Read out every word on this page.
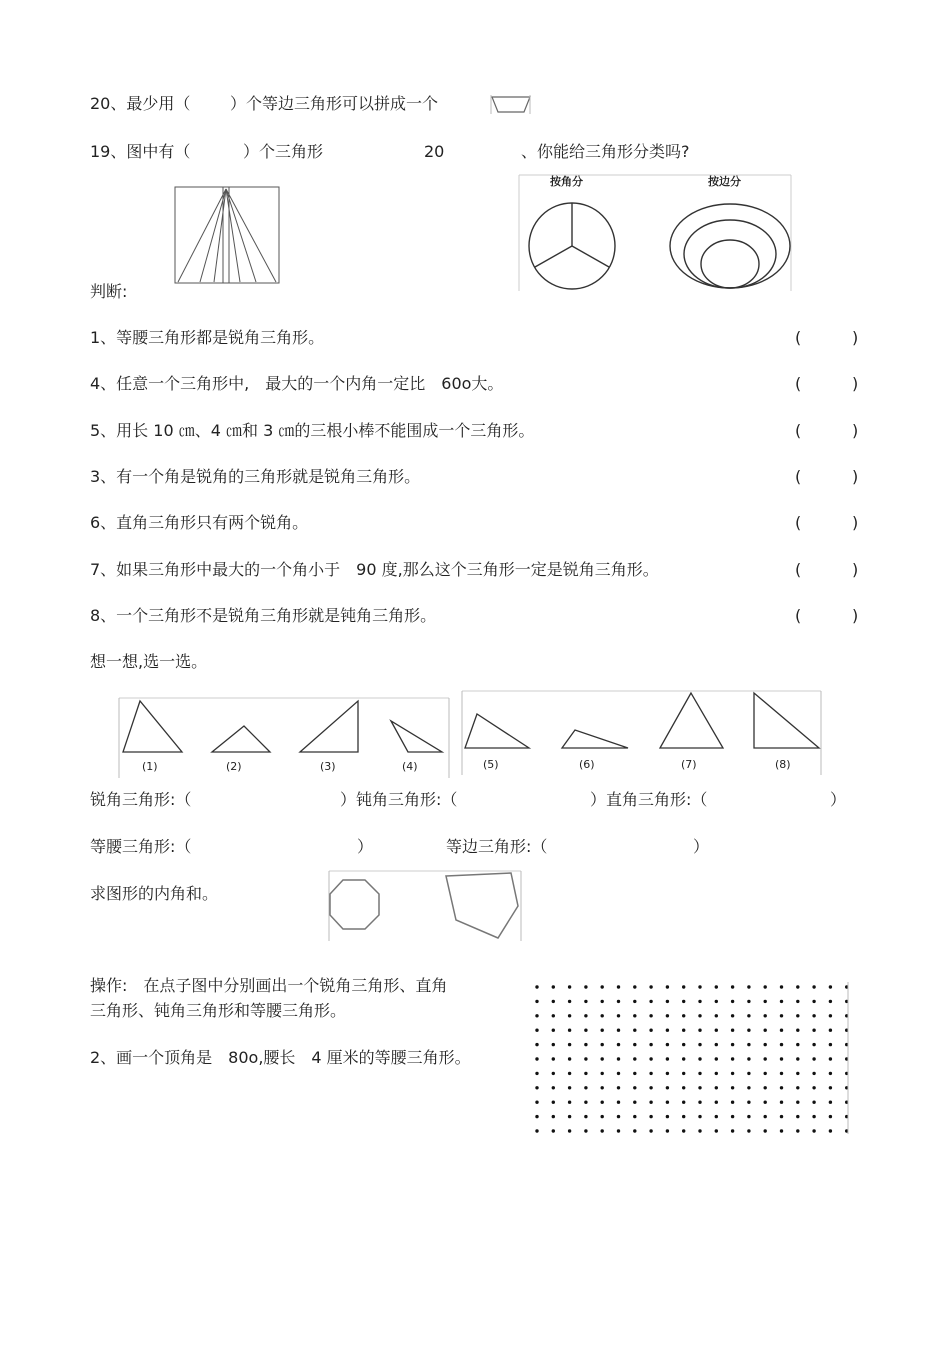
20、最少用（ ）个等边三角形可以拼成一个
19、图中有（	）个三角形	20	、你能给三角形分类吗?
按角分	按边分
判断:
1、等腰三角形都是锐角三角形。	(	)
4、任意一个三角形中,　最大的一个内角一定比　60o大。	(	)
5、用长 10 ㎝、4 ㎝和 3 ㎝的三根小棒不能围成一个三角形。	(	)
3、有一个角是锐角的三角形就是锐角三角形。	(	)
6、直角三角形只有两个锐角。	(	)
7、如果三角形中最大的一个角小于　90 度,那么这个三角形一定是锐角三角形。	(	)
8、一个三角形不是锐角三角形就是钝角三角形。	(	)
想一想,选一选。
(1)	(2)	(3)	(4)	(5)	(6)	(7)	(8)
锐角三角形:（	）钝角三角形:（	）直角三角形:（	）
等腰三角形:（	）	等边三角形:（	）
求图形的内角和。
操作:　在点子图中分别画出一个锐角三角形、直角
三角形、钝角三角形和等腰三角形。
2、画一个顶角是　80o,腰长　4 厘米的等腰三角形。
